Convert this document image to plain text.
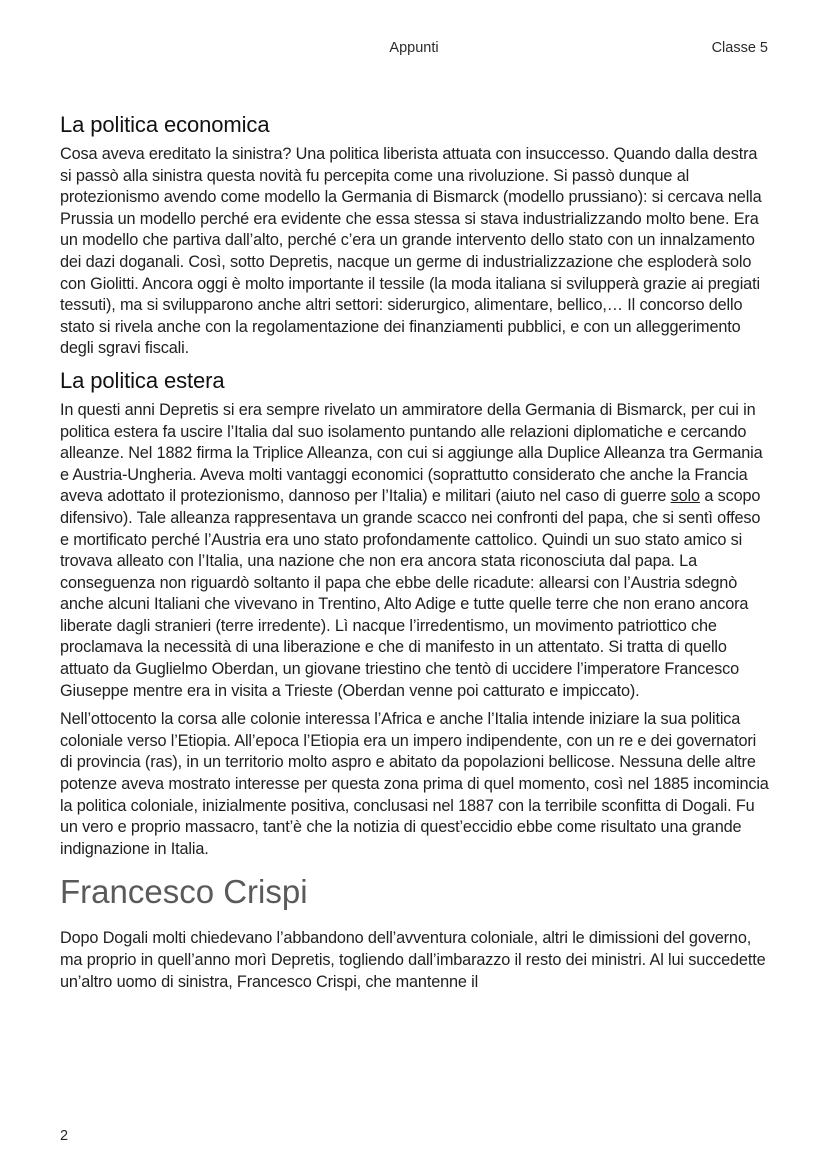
Appunti	Classe 5
La politica economica

Cosa aveva ereditato la sinistra? Una politica liberista attuata con insuccesso. Quando dalla destra si passò alla sinistra questa novità fu percepita come una rivoluzione. Si passò dunque al protezionismo avendo come modello la Germania di Bismarck (modello prussiano): si cercava nella Prussia un modello perché era evidente che essa stessa si stava industrializzando molto bene. Era un modello che partiva dall’alto, perché c’era un grande intervento dello stato con un innalzamento dei dazi doganali. Così, sotto Depretis, nacque un germe di industrializzazione che esploderà solo con Giolitti. Ancora oggi è molto importante il tessile (la moda italiana si svilupperà grazie ai pregiati tessuti), ma si svilupparono anche altri settori: siderurgico, alimentare, bellico,… Il concorso dello stato si rivela anche con la regolamentazione dei finanziamenti pubblici, e con un alleggerimento degli sgravi fiscali.

La politica estera

In questi anni Depretis si era sempre rivelato un ammiratore della Germania di Bismarck, per cui in politica estera fa uscire l’Italia dal suo isolamento puntando alle relazioni diplomatiche e cercando alleanze. Nel 1882 firma la Triplice Alleanza, con cui si aggiunge alla Duplice Alleanza tra Germania e Austria-Ungheria. Aveva molti vantaggi economici (soprattutto considerato che anche la Francia aveva adottato il protezionismo, dannoso per l’Italia) e militari (aiuto nel caso di guerre solo a scopo difensivo). Tale alleanza rappresentava un grande scacco nei confronti del papa, che si sentì offeso e mortificato perché l’Austria era uno stato profondamente cattolico. Quindi un suo stato amico si trovava alleato con l’Italia, una nazione che non era ancora stata riconosciuta dal papa. La conseguenza non riguardò soltanto il papa che ebbe delle ricadute: allearsi con l’Austria sdegnò anche alcuni Italiani che vivevano in Trentino, Alto Adige e tutte quelle terre che non erano ancora liberate dagli stranieri (terre irredente). Lì nacque l’irredentismo, un movimento patriottico che proclamava la necessità di una liberazione e che di manifesto in un attentato. Si tratta di quello attuato da Guglielmo Oberdan, un giovane triestino che tentò di uccidere l’imperatore Francesco Giuseppe mentre era in visita a Trieste (Oberdan venne poi catturato e impiccato).

Nell’ottocento la corsa alle colonie interessa l’Africa e anche l’Italia intende iniziare la sua politica coloniale verso l’Etiopia. All’epoca l’Etiopia era un impero indipendente, con un re e dei governatori di provincia (ras), in un territorio molto aspro e abitato da popolazioni bellicose. Nessuna delle altre potenze aveva mostrato interesse per questa zona prima di quel momento, così nel 1885 incomincia la politica coloniale, inizialmente positiva, conclusasi nel 1887 con la terribile sconfitta di Dogali. Fu un vero e proprio massacro, tant’è che la notizia di quest’eccidio ebbe come risultato una grande indignazione in Italia.

Francesco Crispi

Dopo Dogali molti chiedevano l’abbandono dell’avventura coloniale, altri le dimissioni del governo, ma proprio in quell’anno morì Depretis, togliendo dall’imbarazzo il resto dei ministri. Al lui succedette un’altro uomo di sinistra, Francesco Crispi, che mantenne il

2
